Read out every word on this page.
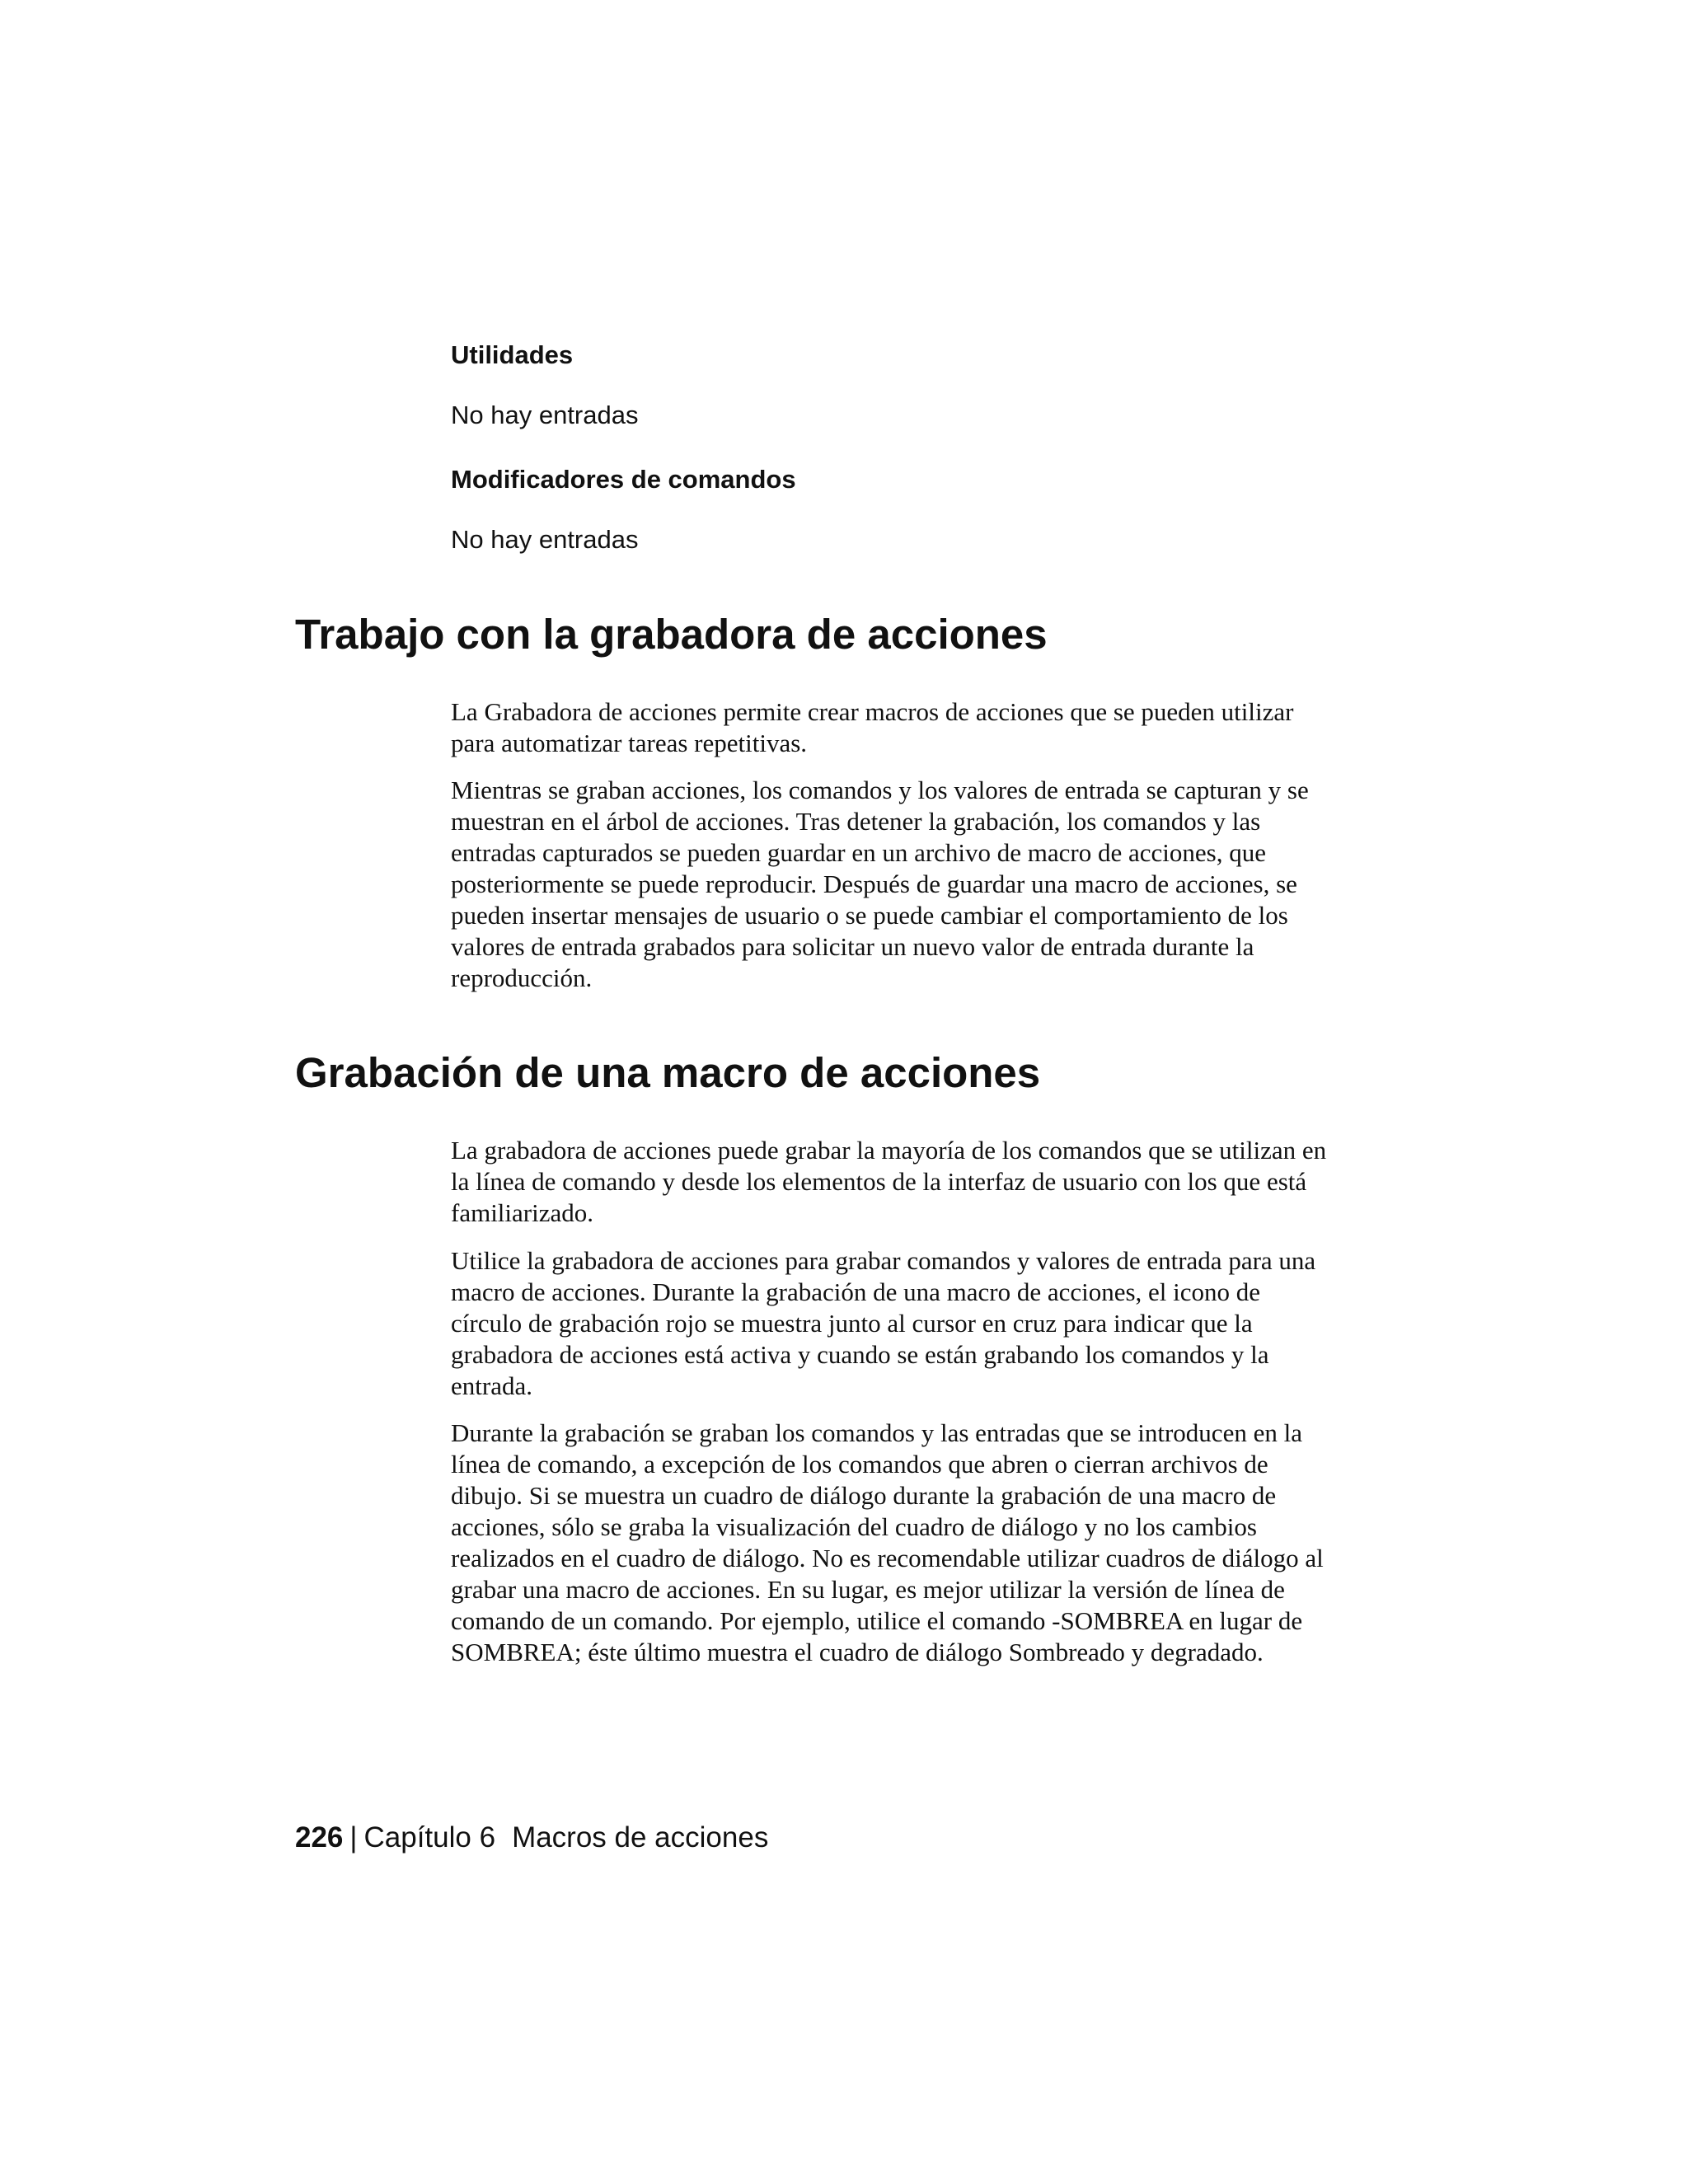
Utilidades

No hay entradas

Modificadores de comandos

No hay entradas

Trabajo con la grabadora de acciones

La Grabadora de acciones permite crear macros de acciones que se pueden utilizar para automatizar tareas repetitivas.

Mientras se graban acciones, los comandos y los valores de entrada se capturan y se muestran en el árbol de acciones. Tras detener la grabación, los comandos y las entradas capturados se pueden guardar en un archivo de macro de acciones, que posteriormente se puede reproducir. Después de guardar una macro de acciones, se pueden insertar mensajes de usuario o se puede cambiar el comportamiento de los valores de entrada grabados para solicitar un nuevo valor de entrada durante la reproducción.

Grabación de una macro de acciones

La grabadora de acciones puede grabar la mayoría de los comandos que se utilizan en la línea de comando y desde los elementos de la interfaz de usuario con los que está familiarizado.

Utilice la grabadora de acciones para grabar comandos y valores de entrada para una macro de acciones. Durante la grabación de una macro de acciones, el icono de círculo de grabación rojo se muestra junto al cursor en cruz para indicar que la grabadora de acciones está activa y cuando se están grabando los comandos y la entrada.

Durante la grabación se graban los comandos y las entradas que se introducen en la línea de comando, a excepción de los comandos que abren o cierran archivos de dibujo. Si se muestra un cuadro de diálogo durante la grabación de una macro de acciones, sólo se graba la visualización del cuadro de diálogo y no los cambios realizados en el cuadro de diálogo. No es recomendable utilizar cuadros de diálogo al grabar una macro de acciones. En su lugar, es mejor utilizar la versión de línea de comando de un comando. Por ejemplo, utilice el comando -SOMBREA en lugar de SOMBREA; éste último muestra el cuadro de diálogo Sombreado y degradado.

226 | Capítulo 6 Macros de acciones
